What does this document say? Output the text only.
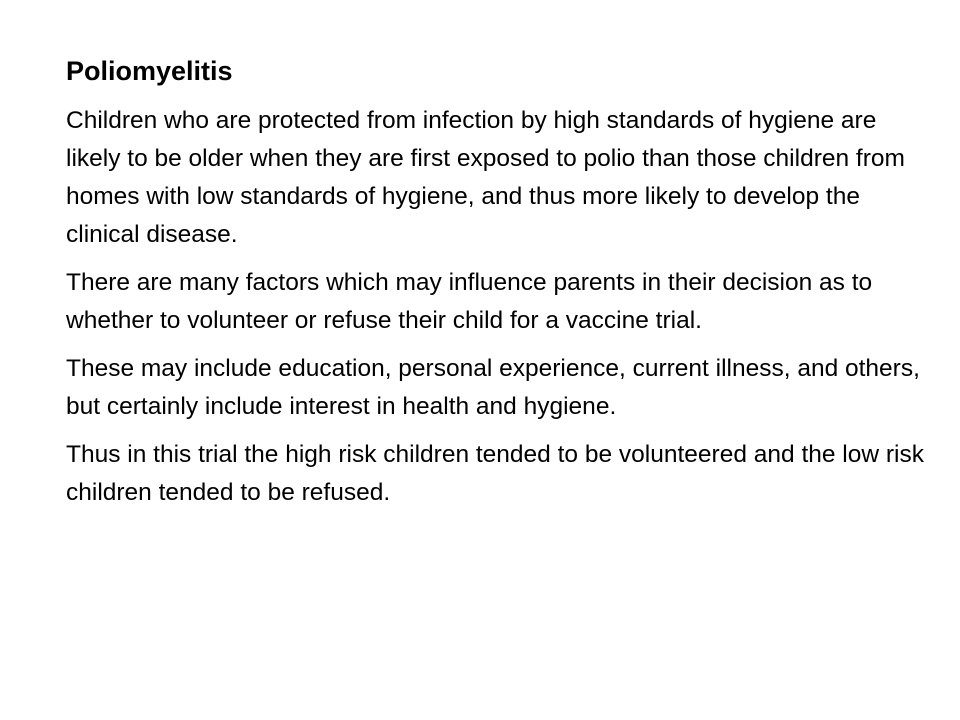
Poliomyelitis

Children who are protected from infection by high standards of hygiene are likely to be older when they are first exposed to polio than those children from homes with low standards of hygiene, and thus more likely to develop the clinical disease.

There are many factors which may influence parents in their decision as to whether to volunteer or refuse their child for a vaccine trial.

These may include education, personal experience, current illness, and others, but certainly include interest in health and hygiene.

Thus in this trial the high risk children tended to be volunteered and the low risk children tended to be refused.
